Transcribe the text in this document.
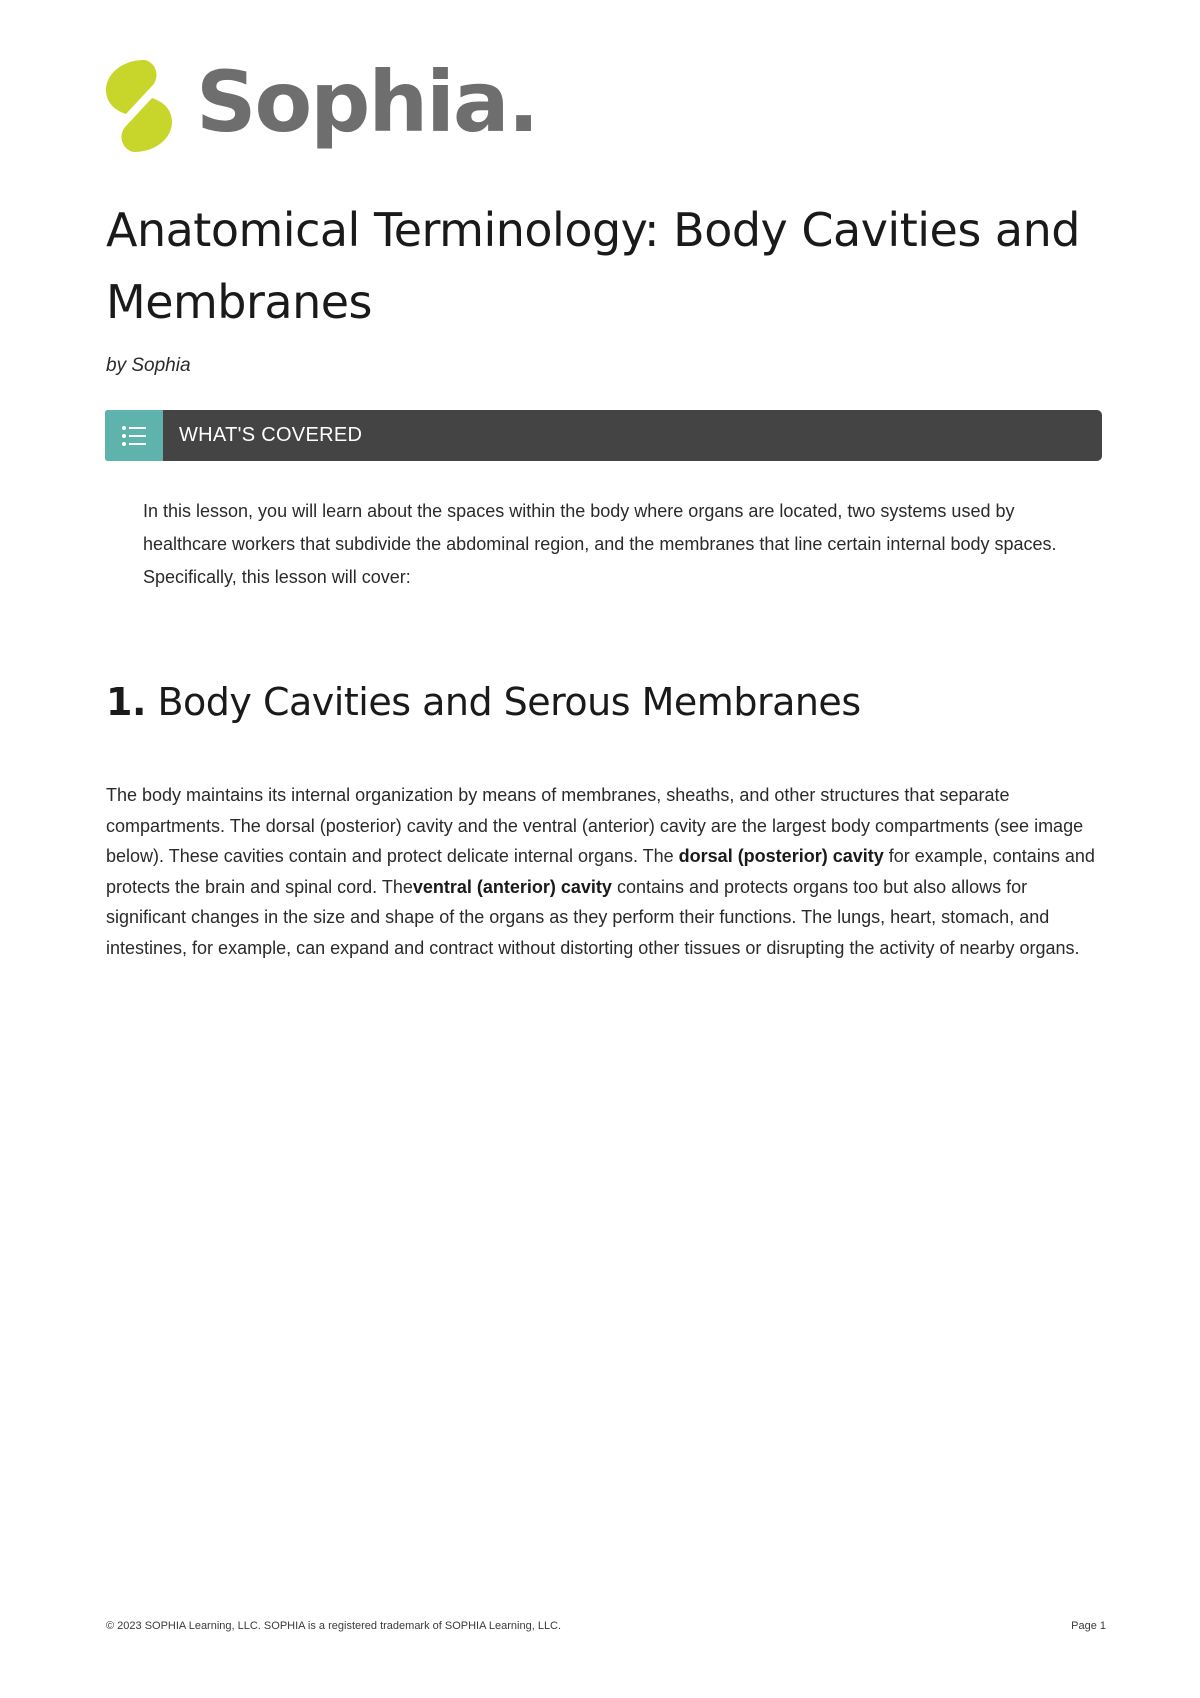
Sophia.
Anatomical Terminology: Body Cavities and Membranes
by Sophia
WHAT'S COVERED

In this lesson, you will learn about the spaces within the body where organs are located, two systems used by healthcare workers that subdivide the abdominal region, and the membranes that line certain internal body spaces. Specifically, this lesson will cover:

1. Body Cavities and Serous Membranes

The body maintains its internal organization by means of membranes, sheaths, and other structures that separate compartments. The dorsal (posterior) cavity and the ventral (anterior) cavity are the largest body compartments (see image below). These cavities contain and protect delicate internal organs. The dorsal (posterior) cavity for example, contains and protects the brain and spinal cord. Theventral (anterior) cavity contains and protects organs too but also allows for significant changes in the size and shape of the organs as they perform their functions. The lungs, heart, stomach, and intestines, for example, can expand and contract without distorting other tissues or disrupting the activity of nearby organs.

© 2023 SOPHIA Learning, LLC. SOPHIA is a registered trademark of SOPHIA Learning, LLC.	Page 1
